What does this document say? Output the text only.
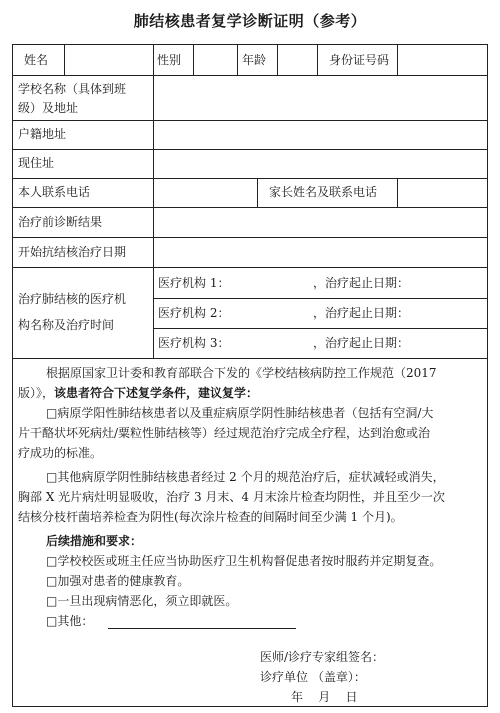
肺结核患者复学诊断证明（参考）
姓名	性别	年龄	身份证号码
学校名称（具体到班
级）及地址
户籍地址
现住址
本人联系电话	家长姓名及联系电话
治疗前诊断结果
开始抗结核治疗日期
治疗肺结核的医疗机
构名称及治疗时间
医疗机构 1：	，治疗起止日期：
医疗机构 2：	，治疗起止日期：
医疗机构 3：	，治疗起止日期：
根据原国家卫计委和教育部联合下发的《学校结核病防控工作规范（2017
版）》，该患者符合下述复学条件，建议复学：
□病原学阳性肺结核患者以及重症病原学阴性肺结核患者（包括有空洞/大
片干酪状坏死病灶/粟粒性肺结核等）经过规范治疗完成全疗程，达到治愈或治
疗成功的标准。
□其他病原学阴性肺结核患者经过 2 个月的规范治疗后，症状减轻或消失，
胸部 X 光片病灶明显吸收，治疗 3 月末、4 月末涂片检查均阴性，并且至少一次
结核分枝杆菌培养检查为阴性(每次涂片检查的间隔时间至少满 1 个月)。
后续措施和要求：
□学校校医或班主任应当协助医疗卫生机构督促患者按时服药并定期复查。
□加强对患者的健康教育。
□一旦出现病情恶化，须立即就医。
□其他：
医师/诊疗专家组签名：
诊疗单位 （盖章）：
年    月    日
